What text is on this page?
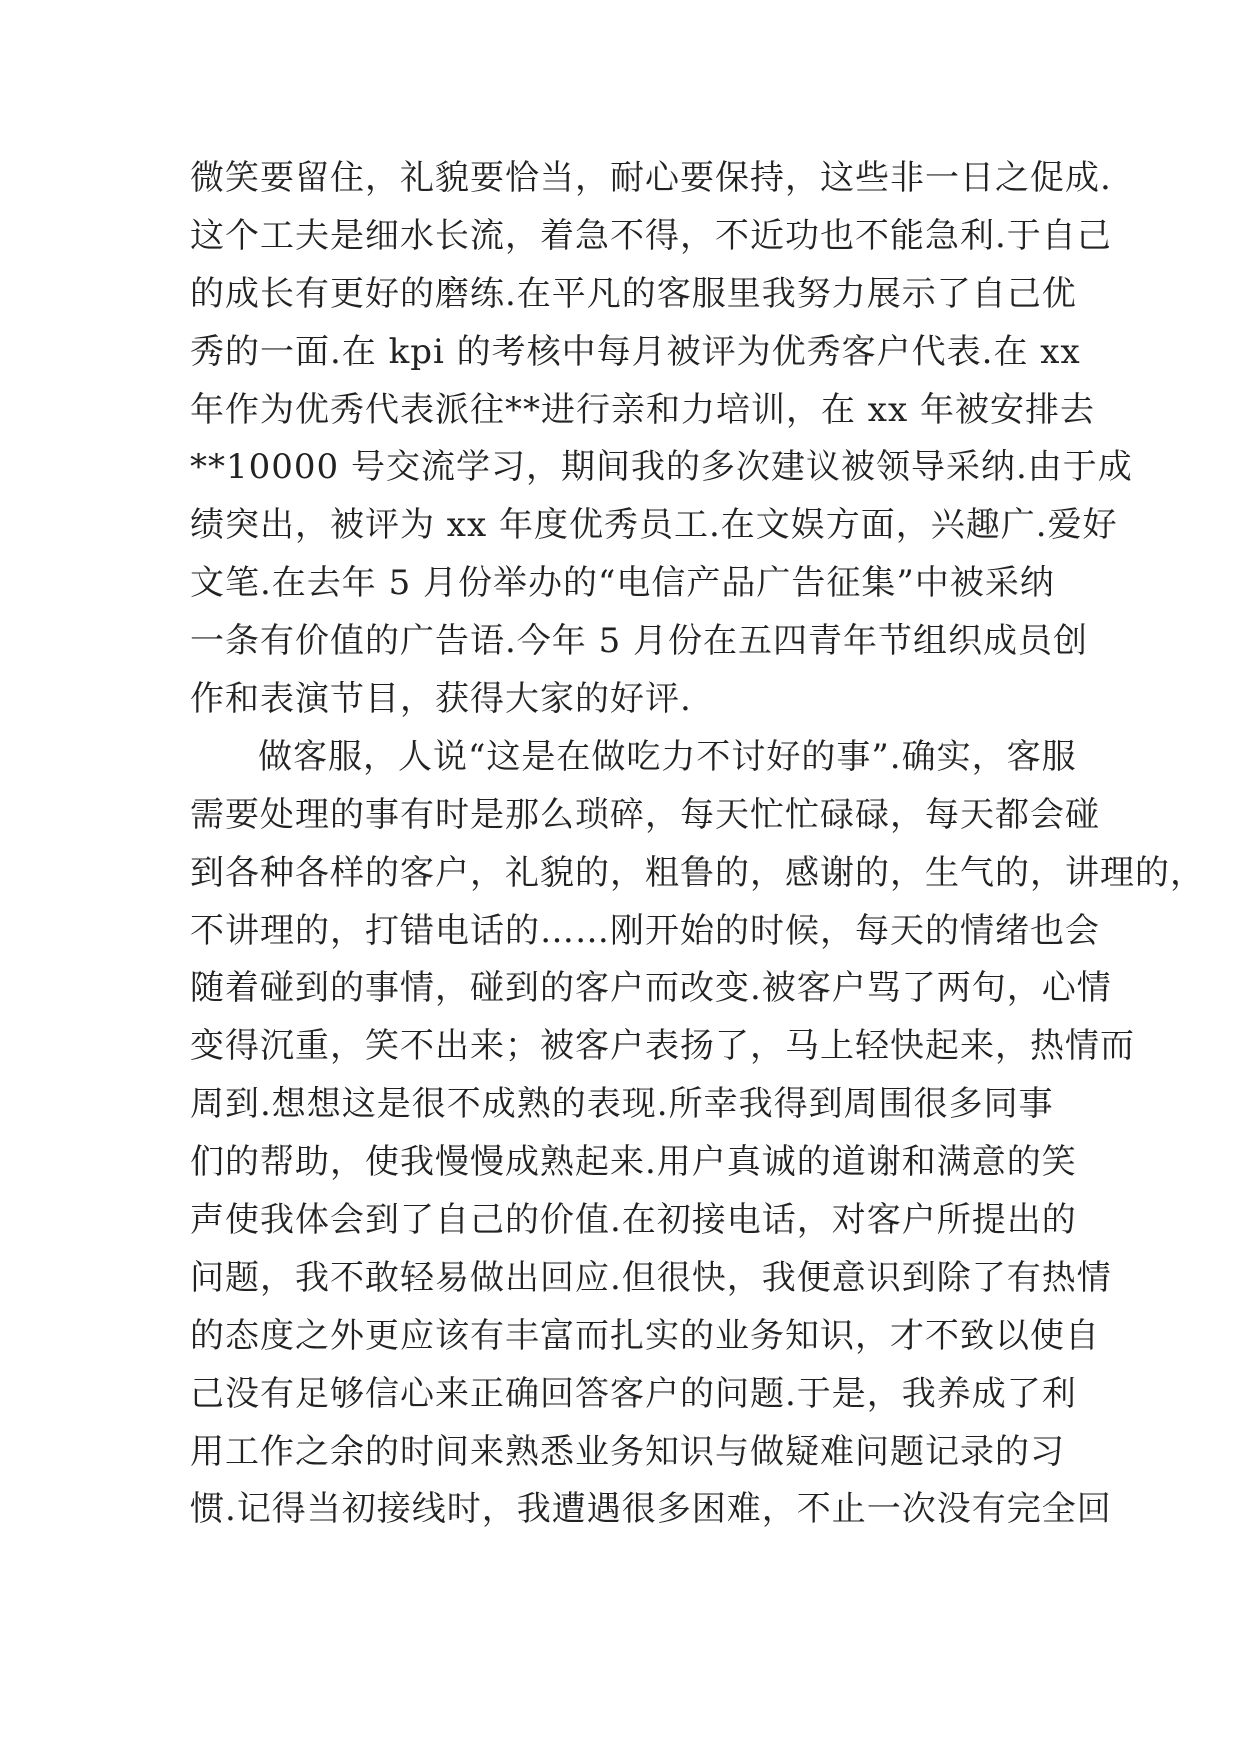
微笑要留住，礼貌要恰当，耐心要保持，这些非一日之促成.
这个工夫是细水长流，着急不得，不近功也不能急利.于自己
的成长有更好的磨练.在平凡的客服里我努力展示了自己优
秀的一面.在 kpi 的考核中每月被评为优秀客户代表.在 xx
年作为优秀代表派往**进行亲和力培训，在 xx 年被安排去
**10000 号交流学习，期间我的多次建议被领导采纳.由于成
绩突出，被评为 xx 年度优秀员工.在文娱方面，兴趣广.爱好
文笔.在去年 5 月份举办的“电信产品广告征集”中被采纳
一条有价值的广告语.今年 5 月份在五四青年节组织成员创
作和表演节目，获得大家的好评.
做客服，人说“这是在做吃力不讨好的事”.确实，客服
需要处理的事有时是那么琐碎，每天忙忙碌碌，每天都会碰
到各种各样的客户，礼貌的，粗鲁的，感谢的，生气的，讲理的，
不讲理的，打错电话的……刚开始的时候，每天的情绪也会
随着碰到的事情，碰到的客户而改变.被客户骂了两句，心情
变得沉重，笑不出来；被客户表扬了，马上轻快起来，热情而
周到.想想这是很不成熟的表现.所幸我得到周围很多同事
们的帮助，使我慢慢成熟起来.用户真诚的道谢和满意的笑
声使我体会到了自己的价值.在初接电话，对客户所提出的
问题，我不敢轻易做出回应.但很快，我便意识到除了有热情
的态度之外更应该有丰富而扎实的业务知识，才不致以使自
己没有足够信心来正确回答客户的问题.于是，我养成了利
用工作之余的时间来熟悉业务知识与做疑难问题记录的习
惯.记得当初接线时，我遭遇很多困难，不止一次没有完全回
